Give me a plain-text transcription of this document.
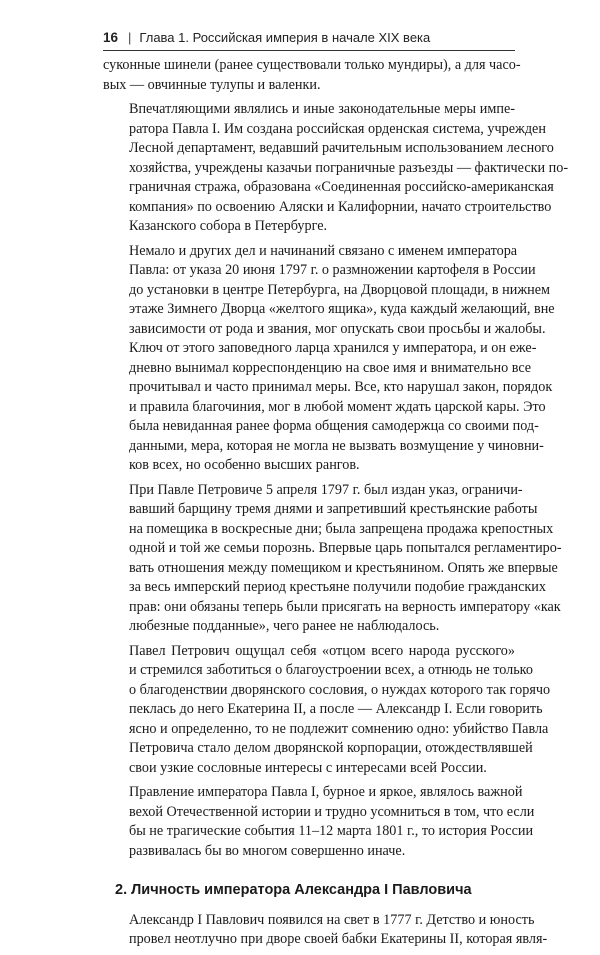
16 | Глава 1. Российская империя в начале XIX века

суконные шинели (ранее существовали только мундиры), а для часо-
вых — овчинные тулупы и валенки.

Впечатляющими являлись и иные законодательные меры импе-
ратора Павла I. Им создана российская орденская система, учрежден
Лесной департамент, ведавший рачительным использованием лесного
хозяйства, учреждены казачьи пограничные разъезды — фактически по-
граничная стража, образована «Соединенная российско-американская
компания» по освоению Аляски и Калифорнии, начато строительство
Казанского собора в Петербурге.

Немало и других дел и начинаний связано с именем императора
Павла: от указа 20 июня 1797 г. о размножении картофеля в России
до установки в центре Петербурга, на Дворцовой площади, в нижнем
этаже Зимнего Дворца «желтого ящика», куда каждый желающий, вне
зависимости от рода и звания, мог опускать свои просьбы и жалобы.
Ключ от этого заповедного ларца хранился у императора, и он еже-
дневно вынимал корреспонденцию на свое имя и внимательно все
прочитывал и часто принимал меры. Все, кто нарушал закон, порядок
и правила благочиния, мог в любой момент ждать царской кары. Это
была невиданная ранее форма общения самодержца со своими под-
данными, мера, которая не могла не вызвать возмущение у чиновни-
ков всех, но особенно высших рангов.

При Павле Петровиче 5 апреля 1797 г. был издан указ, ограничи-
вавший барщину тремя днями и запретивший крестьянские работы
на помещика в воскресные дни; была запрещена продажа крепостных
одной и той же семьи порознь. Впервые царь попытался регламентиро-
вать отношения между помещиком и крестьянином. Опять же впервые
за весь имперский период крестьяне получили подобие гражданских
прав: они обязаны теперь были присягать на верность императору «как
любезные подданные», чего ранее не наблюдалось.

Павел Петрович ощущал себя «отцом всего народа русского»
и стремился заботиться о благоустроении всех, а отнюдь не только
о благоденствии дворянского сословия, о нуждах которого так горячо
пеклась до него Екатерина II, а после — Александр I. Если говорить
ясно и определенно, то не подлежит сомнению одно: убийство Павла
Петровича стало делом дворянской корпорации, отождествлявшей
свои узкие сословные интересы с интересами всей России.

Правление императора Павла I, бурное и яркое, являлось важной
вехой Отечественной истории и трудно усомниться в том, что если
бы не трагические события 11–12 марта 1801 г., то история России
развивалась бы во многом совершенно иначе.

2. Личность императора Александра I Павловича

Александр I Павлович появился на свет в 1777 г. Детство и юность
провел неотлучно при дворе своей бабки Екатерины II, которая явля-
